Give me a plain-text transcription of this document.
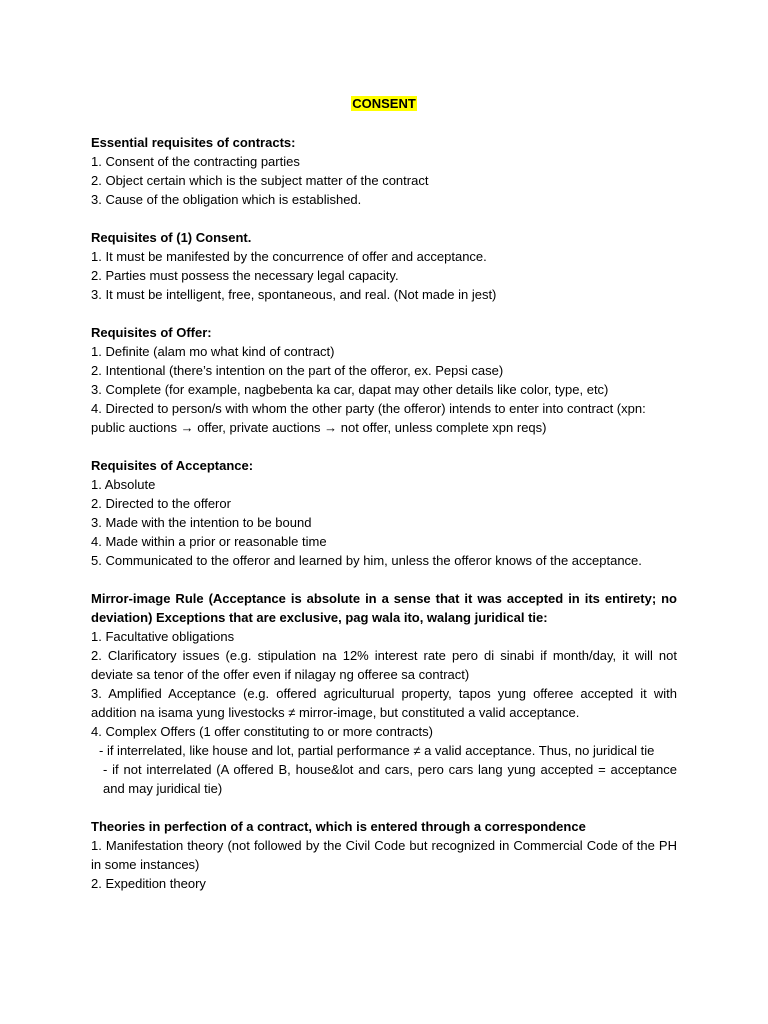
CONSENT

Essential requisites of contracts:

1. Consent of the contracting parties

2. Object certain which is the subject matter of the contract

3. Cause of the obligation which is established.

Requisites of (1) Consent.

1. It must be manifested by the concurrence of offer and acceptance.

2. Parties must possess the necessary legal capacity.

3. It must be intelligent, free, spontaneous, and real. (Not made in jest)

Requisites of Offer:

1. Definite (alam mo what kind of contract)

2. Intentional (there’s intention on the part of the offeror, ex. Pepsi case)

3. Complete (for example, nagbebenta ka car, dapat may other details like color, type, etc)

4. Directed to person/s with whom the other party (the offeror) intends to enter into contract (xpn: public auctions → offer, private auctions → not offer, unless complete xpn reqs)

Requisites of Acceptance:

1. Absolute

2. Directed to the offeror

3. Made with the intention to be bound

4. Made within a prior or reasonable time

5. Communicated to the offeror and learned by him, unless the offeror knows of the acceptance.

Mirror-image Rule (Acceptance is absolute in a sense that it was accepted in its entirety; no deviation) Exceptions that are exclusive, pag wala ito, walang juridical tie:

1. Facultative obligations

2. Clarificatory issues (e.g. stipulation na 12% interest rate pero di sinabi if month/day, it will not deviate sa tenor of the offer even if nilagay ng offeree sa contract)

3. Amplified Acceptance (e.g. offered agriculturual property, tapos yung offeree accepted it with addition na isama yung livestocks ≠ mirror-image, but constituted a valid acceptance.

4. Complex Offers (1 offer constituting to or more contracts)

- if interrelated, like house and lot, partial performance ≠ a valid acceptance. Thus, no juridical tie

- if not interrelated (A offered B, house&lot and cars, pero cars lang yung accepted = acceptance and may juridical tie)

Theories in perfection of a contract, which is entered through a correspondence

1. Manifestation theory (not followed by the Civil Code but recognized in Commercial Code of the PH in some instances)

2. Expedition theory
